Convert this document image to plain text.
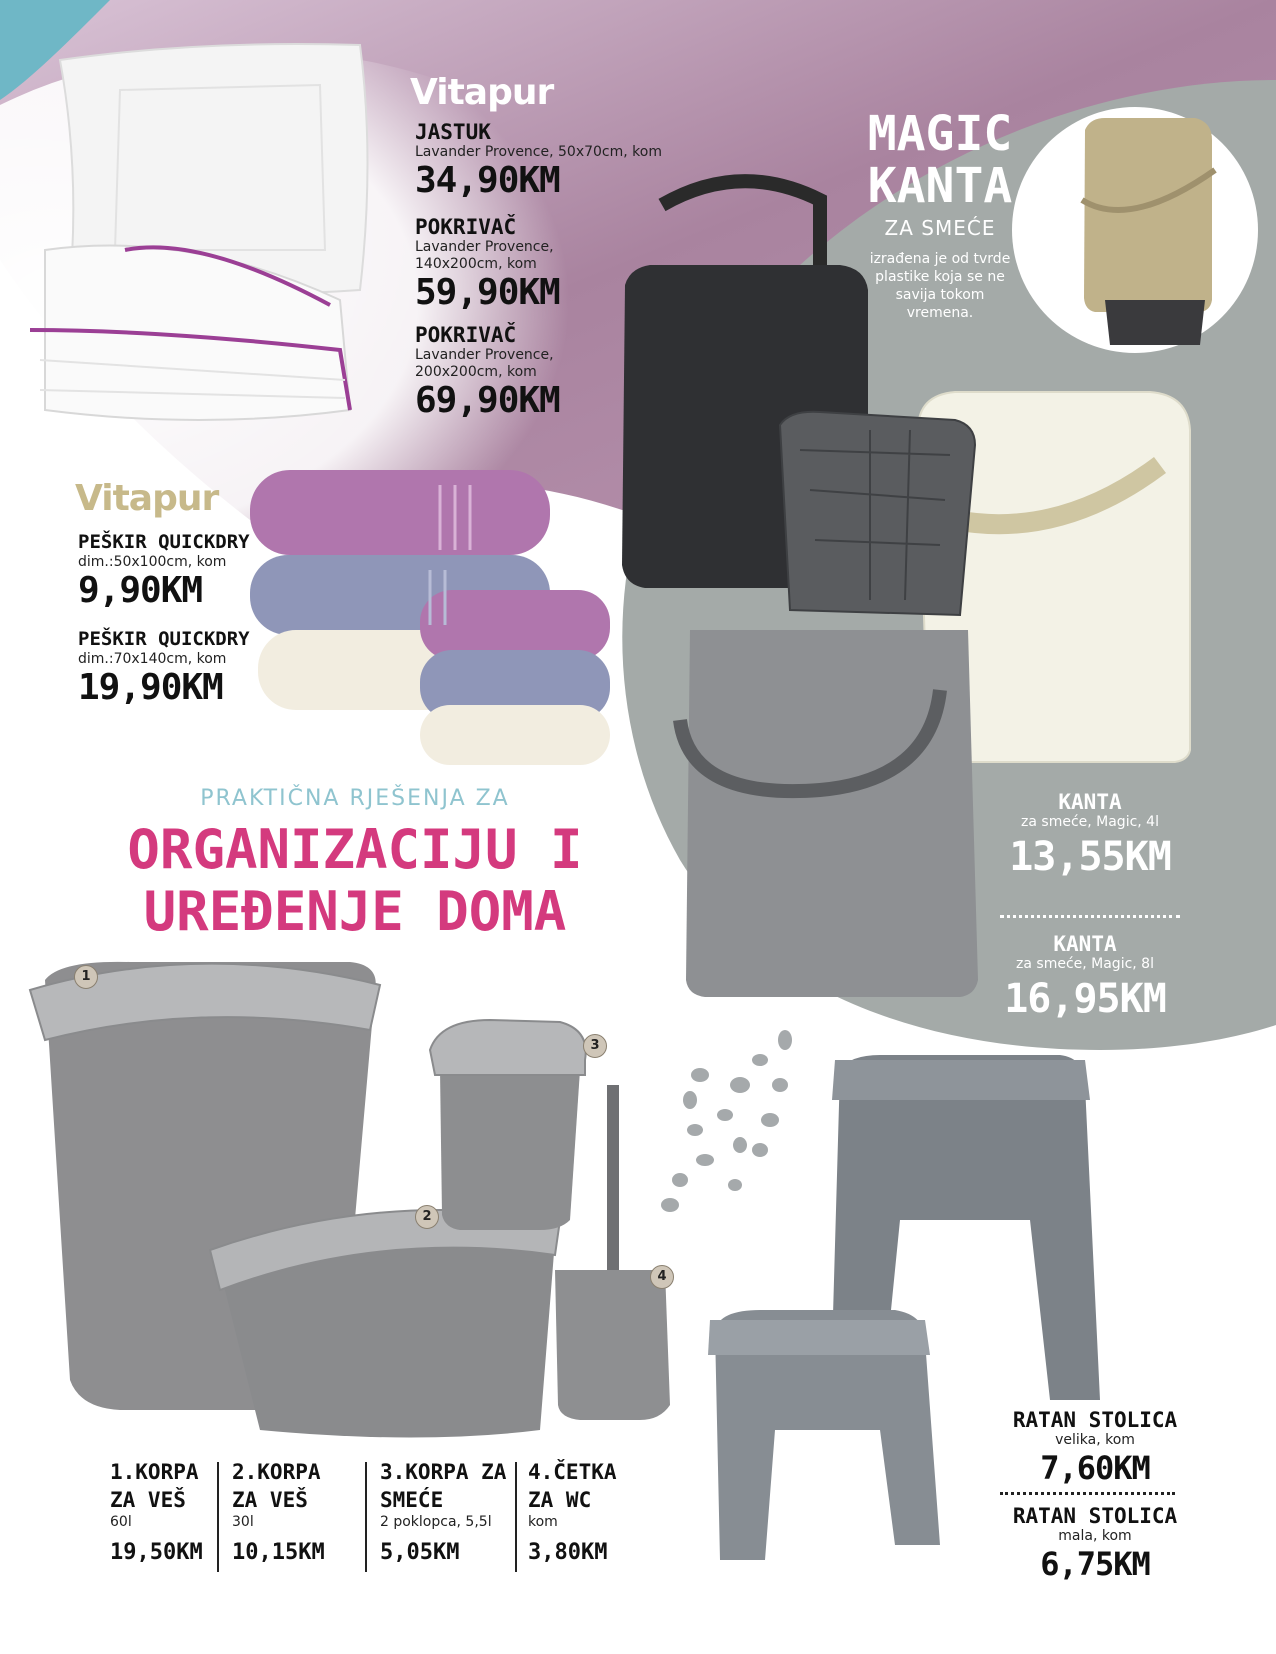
Vitapur
JASTUK
Lavander Provence, 50x70cm, kom
34,90KM
POKRIVAČ
Lavander Provence, 140x200cm, kom
59,90KM
POKRIVAČ
Lavander Provence, 200x200cm, kom
69,90KM
Vitapur
PEŠKIR QUICKDRY
dim.:50x100cm, kom
9,90KM
PEŠKIR QUICKDRY
dim.:70x140cm, kom
19,90KM
MAGIC
KANTA
ZA SMEĆE
izrađena je od tvrde plastike koja se ne savija tokom vremena.
KANTA
za smeće, Magic, 4l
13,55KM
KANTA
za smeće, Magic, 8l
16,95KM
PRAKTIČNA RJEŠENJA ZA
ORGANIZACIJU I
UREĐENJE DOMA
1
2
3
4
1.KORPA ZA VEŠ
60l
19,50KM
2.KORPA ZA VEŠ
30l
10,15KM
3.KORPA ZA SMEĆE
2 poklopca, 5,5l
5,05KM
4.ČETKA ZA WC
kom
3,80KM
RATAN STOLICA
velika, kom
7,60KM
RATAN STOLICA
mala, kom
6,75KM
